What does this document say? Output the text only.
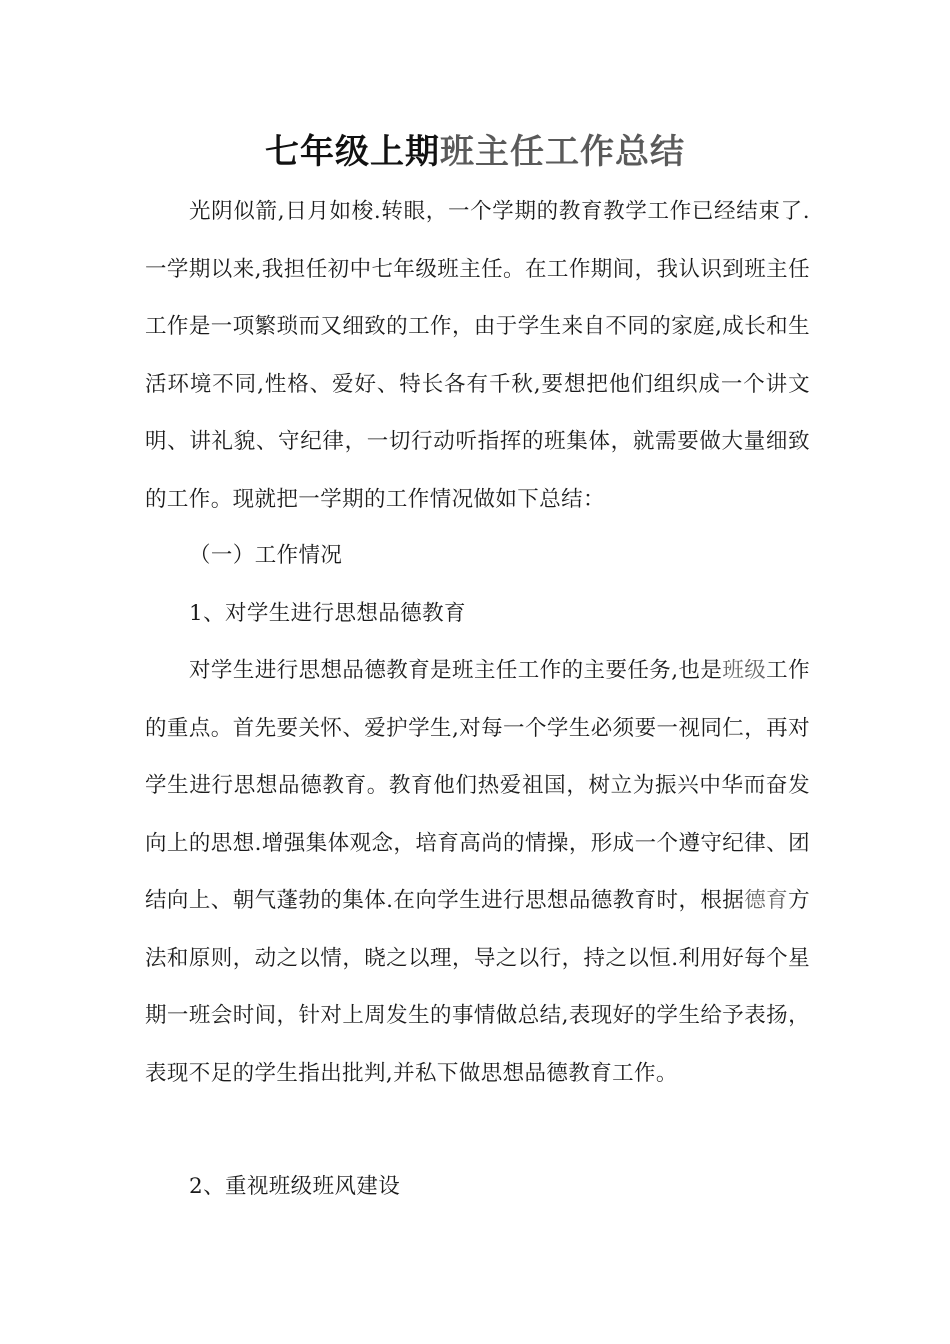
七年级上期班主任工作总结

光阴似箭,日月如梭.转眼，一个学期的教育教学工作已经结束了.一学期以来,我担任初中七年级班主任。在工作期间，我认识到班主任工作是一项繁琐而又细致的工作，由于学生来自不同的家庭,成长和生活环境不同,性格、爱好、特长各有千秋,要想把他们组织成一个讲文明、讲礼貌、守纪律，一切行动听指挥的班集体，就需要做大量细致的工作。现就把一学期的工作情况做如下总结：

（一）工作情况

1、对学生进行思想品德教育

对学生进行思想品德教育是班主任工作的主要任务,也是班级工作的重点。首先要关怀、爱护学生,对每一个学生必须要一视同仁，再对学生进行思想品德教育。教育他们热爱祖国，树立为振兴中华而奋发向上的思想.增强集体观念，培育高尚的情操，形成一个遵守纪律、团结向上、朝气蓬勃的集体.在向学生进行思想品德教育时，根据德育方法和原则，动之以情，晓之以理，导之以行，持之以恒.利用好每个星期一班会时间，针对上周发生的事情做总结,表现好的学生给予表扬，表现不足的学生指出批判,并私下做思想品德教育工作。

2、重视班级班风建设
